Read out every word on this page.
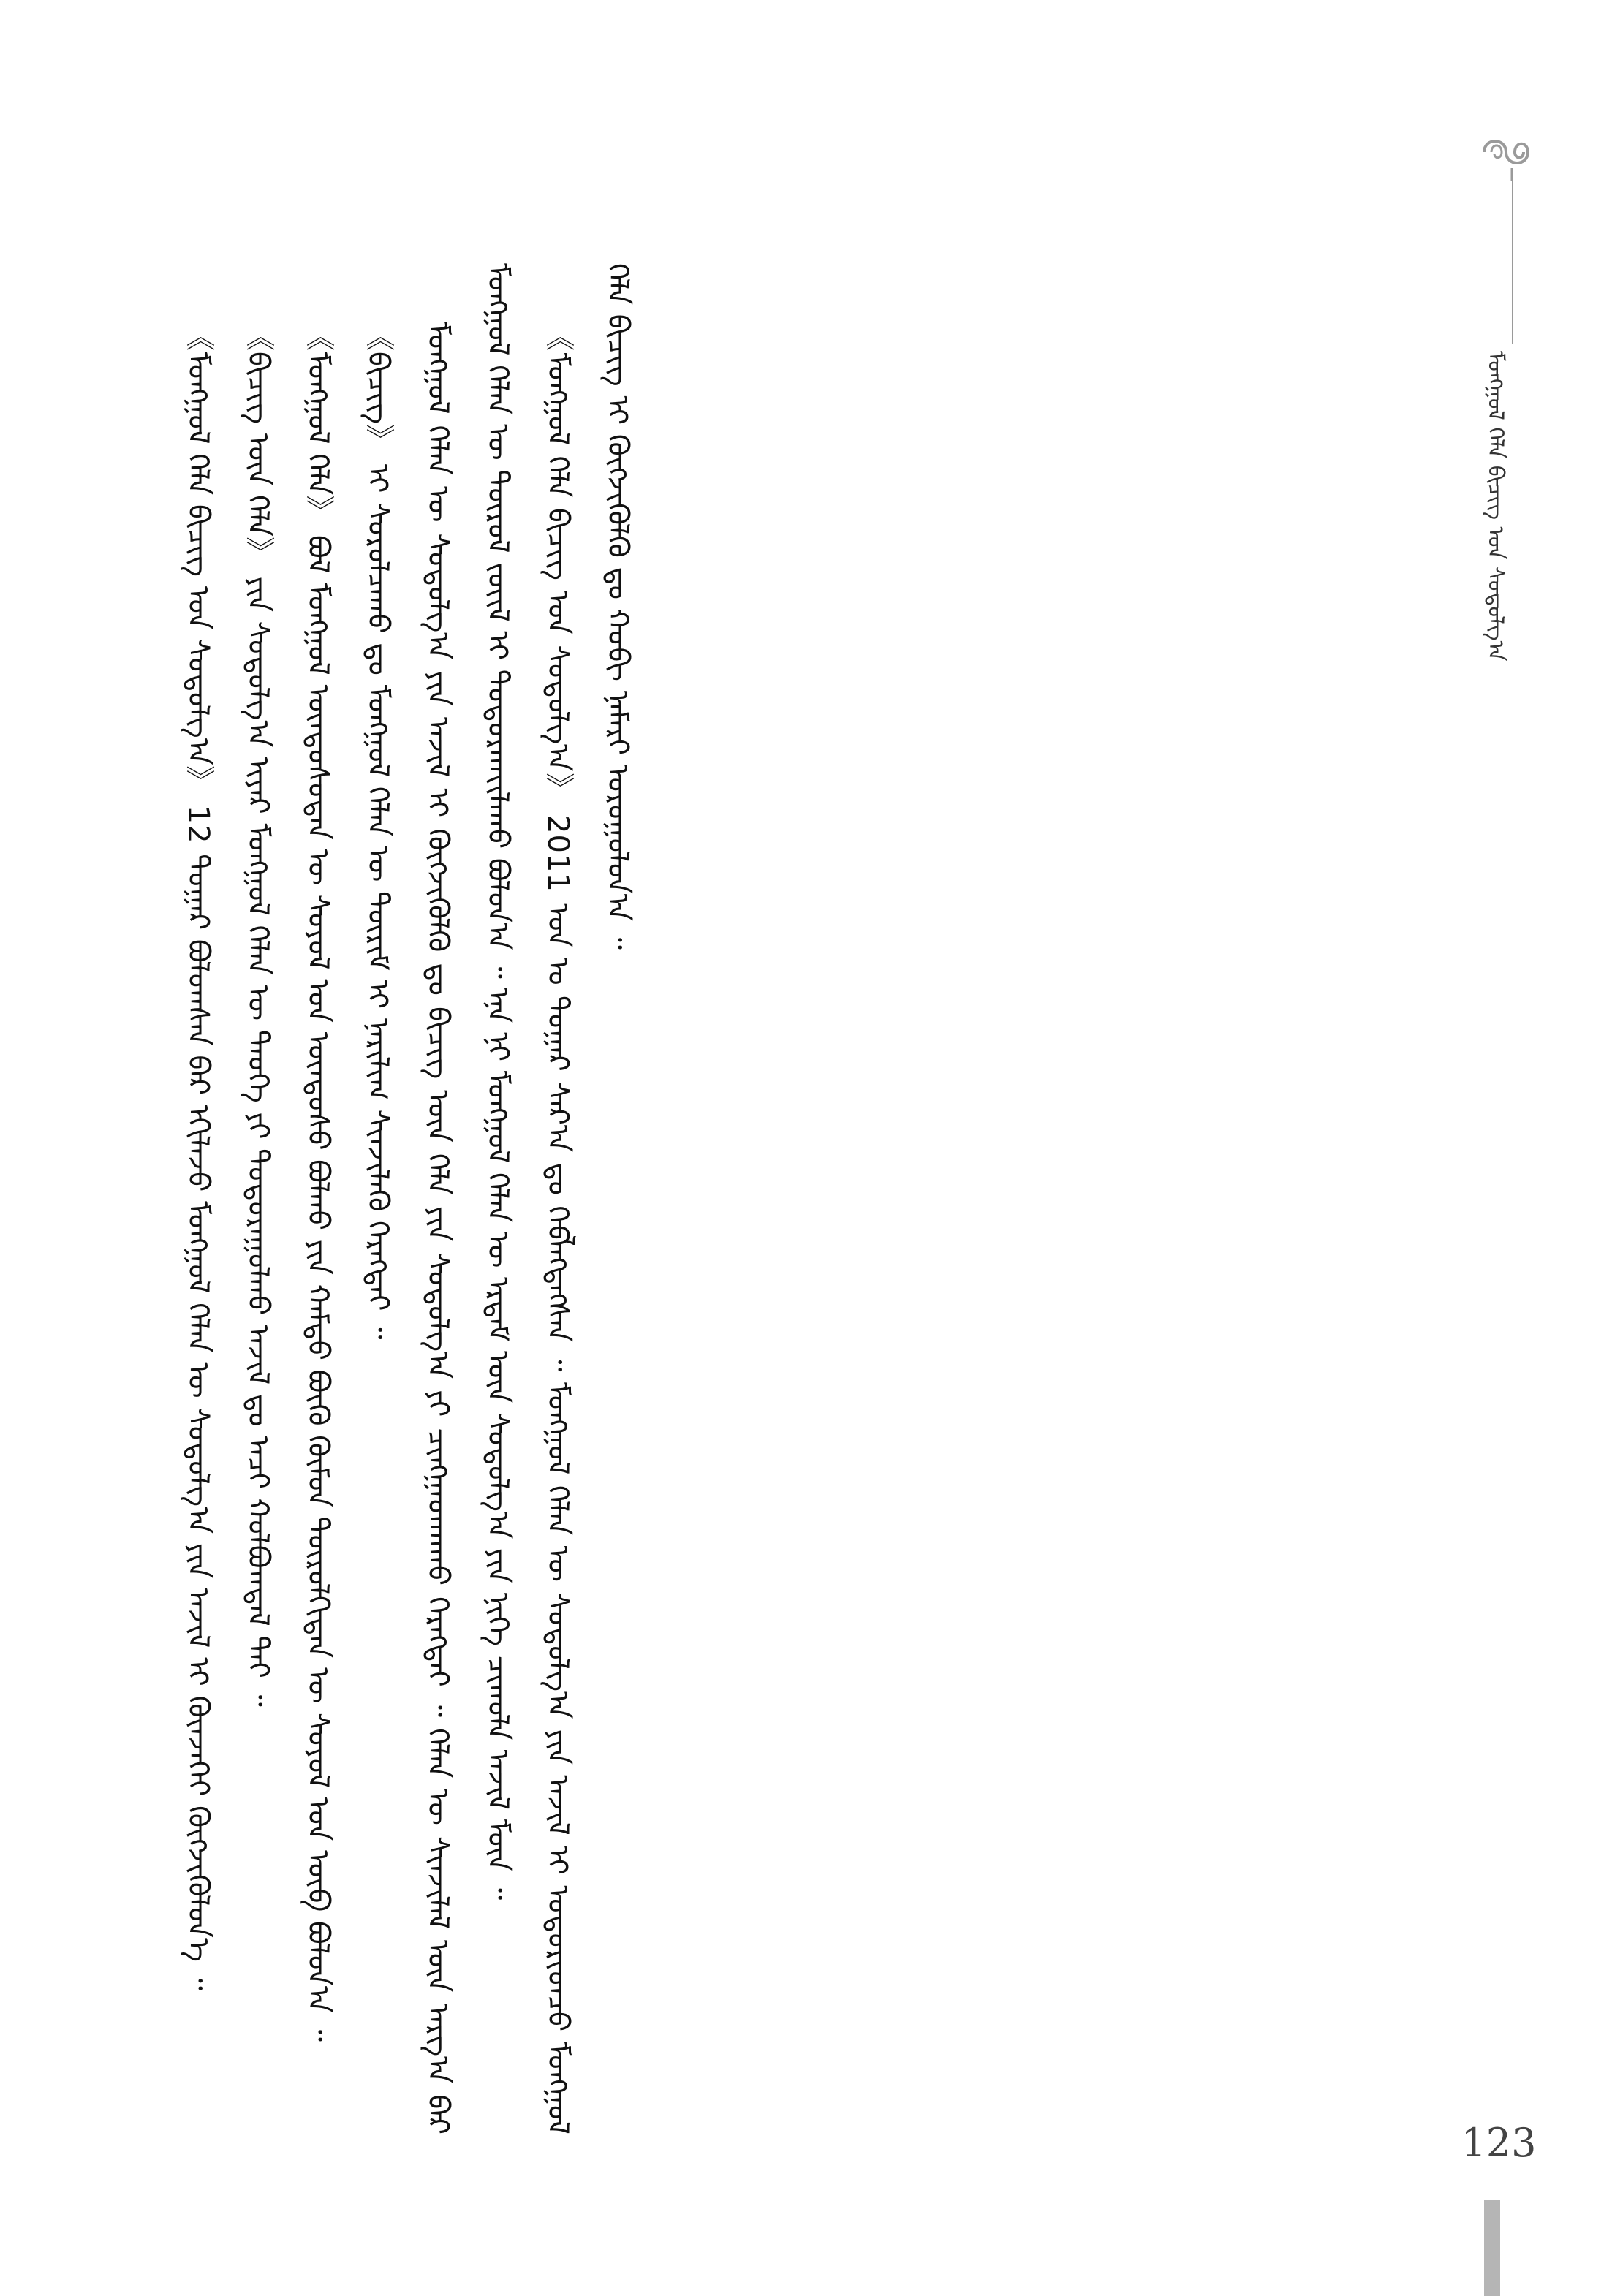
ᠮᠣᠩᠭᠣᠯ ᠬᠡᠯᠡ ᠪᠢᠴᠢᠭ᠌ ᠤᠨ ᠰᠤᠳᠤᠯᠭ᠎ᠠ

《ᠮᠣᠩᠭᠣᠯ ᠬᠡᠯᠡ ᠪᠢᠴᠢᠭ᠌ ᠤᠨ ᠰᠤᠳᠤᠯᠭ᠎ᠠ》 12 ᠳᠤᠭᠠᠷ ᠪᠣᠯᠤᠭᠰᠠᠨ ᠪᠡᠷ ᠡᠬᠢᠯᠡᠵᠦ ᠮᠣᠩᠭᠣᠯ ᠬᠡᠯᠡᠨ ᠦ ᠰᠤᠳᠤᠯᠭ᠎ᠠ ᠶᠢᠨ ᠠᠵᠢᠯ ᠢ ᠭᠦᠨᠵᠡᠭᠡᠢ ᠬᠥᠭᠵᠢᠭᠦᠯᠦᠨ᠎ᠡ ᠃ 《ᠪᠢᠴᠢᠭ ᠦᠨ ᠬᠡᠯᠡ》 ᠶᠢᠨ ᠰᠤᠳᠤᠯᠭ᠎ᠠ ᠢᠶᠠᠷ ᠮᠣᠩᠭᠣᠯ ᠬᠡᠯᠡᠨ ᠦ ᠲᠡᠦᠬᠡ ᠶᠢ ᠲᠣᠳᠣᠷᠠᠭᠤᠯᠬᠤ ᠠᠵᠢᠯ ᠳᠤ ᠠᠴᠢ ᠬᠣᠯᠪᠣᠭᠳᠠᠯ ᠲᠠᠢ ᠃ 《ᠮᠣᠩᠭᠣᠯ ᠬᠡᠯᠡ》 ᠪᠣᠯ ᠮᠣᠩᠭᠣᠯ ᠦᠨᠳᠦᠰᠦᠲᠡᠨ ᠦ ᠰᠣᠶᠤᠯ ᠤᠨ ᠦᠨᠳᠦᠰᠦ ᠪᠣᠯᠬᠤ ᠶᠢᠨ ᠬᠠᠮᠲᠤ ᠪᠦᠬᠦ ᠬᠥᠮᠦᠨ ᠲᠥᠷᠥᠯᠬᠢᠲᠡᠨ ᠦ ᠰᠣᠶᠤᠯ ᠤᠨ ᠥᠪ ᠪᠣᠯᠤᠨ᠎ᠠ ᠃ 《ᠪᠢᠴᠢᠭ᠌》 ᠢ ᠰᠤᠷᠤᠯᠴᠠᠬᠤ ᠳᠤ ᠮᠣᠩᠭᠣᠯ ᠬᠡᠯᠡᠨ ᠦ ᠳᠦᠷᠢᠮ ᠢ ᠨᠠᠷᠢᠯᠢᠭ ᠰᠢᠨᠵᠢᠯᠡᠬᠦ ᠬᠡᠷᠡᠭᠲᠡᠢ ᠃ ᠮᠣᠩᠭᠣᠯ ᠬᠡᠯᠡᠨ ᠦ ᠰᠤᠳᠤᠯᠭ᠎ᠠ ᠶᠢᠨ ᠠᠵᠢᠯ ᠢ ᠬᠥᠭᠵᠢᠭᠦᠯᠬᠦ ᠳᠤ ᠪᠢᠴᠢᠭ ᠦᠨ ᠬᠡᠯᠡ ᠶᠢᠨ ᠰᠤᠳᠤᠯᠭ᠎ᠠ ᠶᠢ ᠴᠢᠩᠭᠠᠳᠬᠠᠬᠤ ᠬᠡᠷᠡᠭᠲᠡᠢ ᠃ ᠬᠡᠯᠡᠨ ᠦ ᠰᠢᠨᠵᠢᠯᠡᠯ ᠦᠨ ᠠᠷᠭ᠎ᠠ ᠪᠠᠷ ᠮᠣᠩᠭᠣᠯ ᠬᠡᠯᠡᠨ ᠦ ᠲᠥᠷᠥᠯ ᠵᠦᠢᠯ ᠢ ᠲᠣᠳᠣᠷᠬᠠᠶ᠋ᠢᠯᠠᠬᠤ ᠪᠣᠯᠤᠨ᠎ᠠ ᠃ ᠡᠨᠡ ᠨᠢ ᠮᠣᠩᠭᠣᠯ ᠬᠡᠯᠡᠨ ᠦ ᠡᠷᠳᠡᠮ ᠦᠨ ᠰᠤᠳᠤᠯᠭ᠎ᠠ ᠶᠢᠨ ᠨᠢᠭᠡ ᠴᠢᠬᠤᠯᠠ ᠠᠵᠢᠯ ᠮᠥᠨ ᠃ 《ᠮᠣᠩᠭᠣᠯ ᠬᠡᠯᠡ ᠪᠢᠴᠢᠭ᠌ ᠤᠨ ᠰᠤᠳᠤᠯᠭ᠎ᠠ》 2011 ᠣᠨ ᠤ ᠳᠤᠭᠠᠷ ᠰᠠᠷ᠎ᠠ ᠳᠤ ᠬᠡᠪᠯᠡᠭᠳᠡᠭᠰᠡᠨ ᠃ ᠮᠣᠩᠭᠣᠯ ᠬᠡᠯᠡᠨ ᠦ ᠰᠤᠳᠤᠯᠭ᠎ᠠ ᠶᠢᠨ ᠠᠵᠢᠯ ᠢ ᠤᠳᠤᠷᠢᠳᠴᠤ ᠮᠣᠩᠭᠣᠯ ᠬᠡᠯᠡ ᠪᠢᠴᠢᠭ᠌ ᠢ ᠬᠥᠭᠵᠢᠭᠦᠯᠬᠦ ᠳᠤ ᠬᠤᠪᠢ ᠨᠡᠮᠡᠷᠢ ᠣᠷᠣᠭᠤᠯᠤᠨ᠎ᠠ ᠃

123
